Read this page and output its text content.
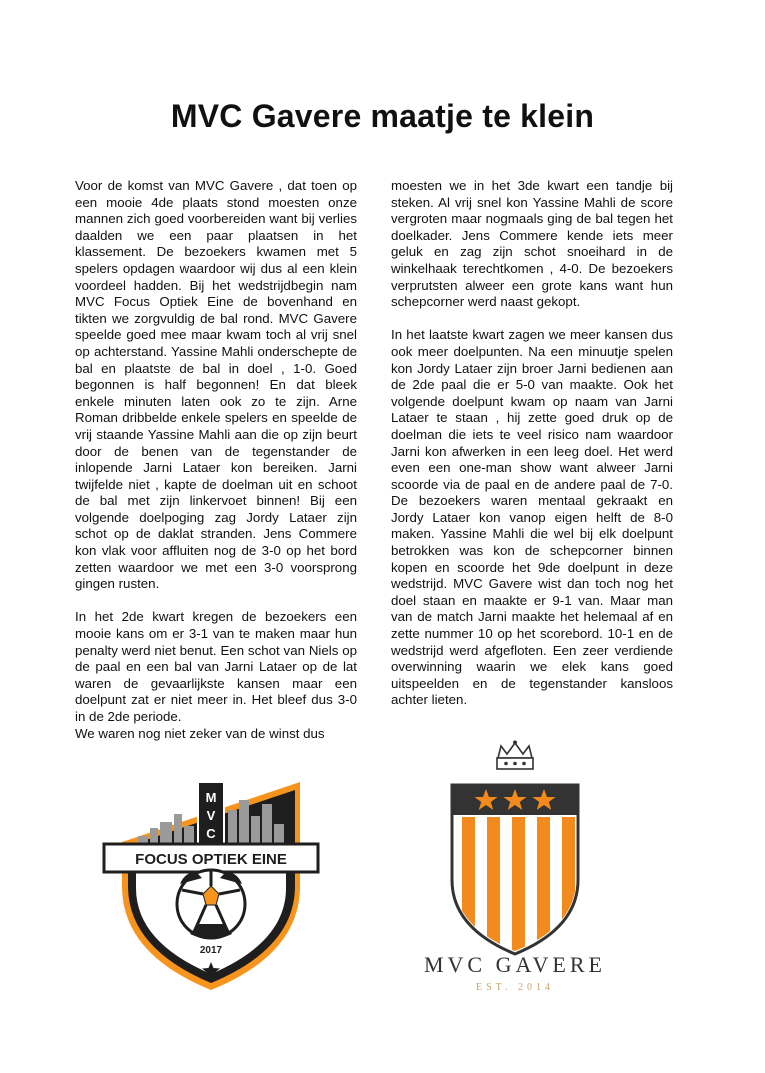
MVC Gavere maatje te klein

Voor de komst van MVC Gavere , dat toen op een mooie 4de plaats stond moesten onze mannen zich goed voorbereiden want bij verlies daalden we een paar plaatsen in het klassement. De bezoekers kwamen met 5 spelers opdagen waardoor wij dus al een klein voordeel hadden. Bij het wedstrijdbegin nam MVC Focus Optiek Eine de bovenhand en tikten we zorgvuldig de bal rond. MVC Gavere speelde goed mee maar kwam toch al vrij snel op achterstand. Yassine Mahli onderschepte de bal en plaatste de bal in doel , 1-0. Goed begonnen is half begonnen! En dat bleek enkele minuten laten ook zo te zijn. Arne Roman dribbelde enkele spelers en speelde de vrij staande Yassine Mahli aan die op zijn beurt door de benen van de tegenstander de inlopende Jarni Lataer kon bereiken. Jarni twijfelde niet , kapte de doelman uit en schoot de bal met zijn linkervoet binnen! Bij een volgende doelpoging zag Jordy Lataer zijn schot op de daklat stranden. Jens Commere kon vlak voor affluiten nog de 3-0 op het bord zetten waardoor we met een 3-0 voorsprong gingen rusten.

In het 2de kwart kregen de bezoekers een mooie kans om er 3-1 van te maken maar hun penalty werd niet benut. Een schot van Niels op de paal en een bal van Jarni Lataer op de lat waren de gevaarlijkste kansen maar een doelpunt zat er niet meer in. Het bleef dus 3-0 in de 2de periode.

We waren nog niet zeker van de winst dus

moesten we in het 3de kwart een tandje bij steken. Al vrij snel kon Yassine Mahli de score vergroten maar nogmaals ging de bal tegen het doelkader. Jens Commere kende iets meer geluk en zag zijn schot snoeihard in de winkelhaak terechtkomen , 4-0. De bezoekers verprutsten alweer een grote kans want hun schepcorner werd naast gekopt.

In het laatste kwart zagen we meer kansen dus ook meer doelpunten. Na een minuutje spelen kon Jordy Lataer zijn broer Jarni bedienen aan de 2de paal die er 5-0 van maakte. Ook het volgende doelpunt kwam op naam van Jarni Lataer te staan , hij zette goed druk op de doelman die iets te veel risico nam waardoor Jarni kon afwerken in een leeg doel. Het werd even een one-man show want alweer Jarni scoorde via de paal en de andere paal de 7-0. De bezoekers waren mentaal gekraakt en Jordy Lataer kon vanop eigen helft de 8-0 maken. Yassine Mahli die wel bij elk doelpunt betrokken was kon de schepcorner binnen kopen en scoorde het 9de doelpunt in deze wedstrijd. MVC Gavere wist dan toch nog het doel staan en maakte er 9-1 van. Maar man van de match Jarni maakte het helemaal af en zette nummer 10 op het scorebord. 10-1 en de wedstrijd werd afgefloten. Een zeer verdiende overwinning waarin we elek kans goed uitspeelden en de tegenstander kansloos achter lieten.

M
V
C
FOCUS OPTIEK EINE
2017
MVC GAVERE
EST. 2014
